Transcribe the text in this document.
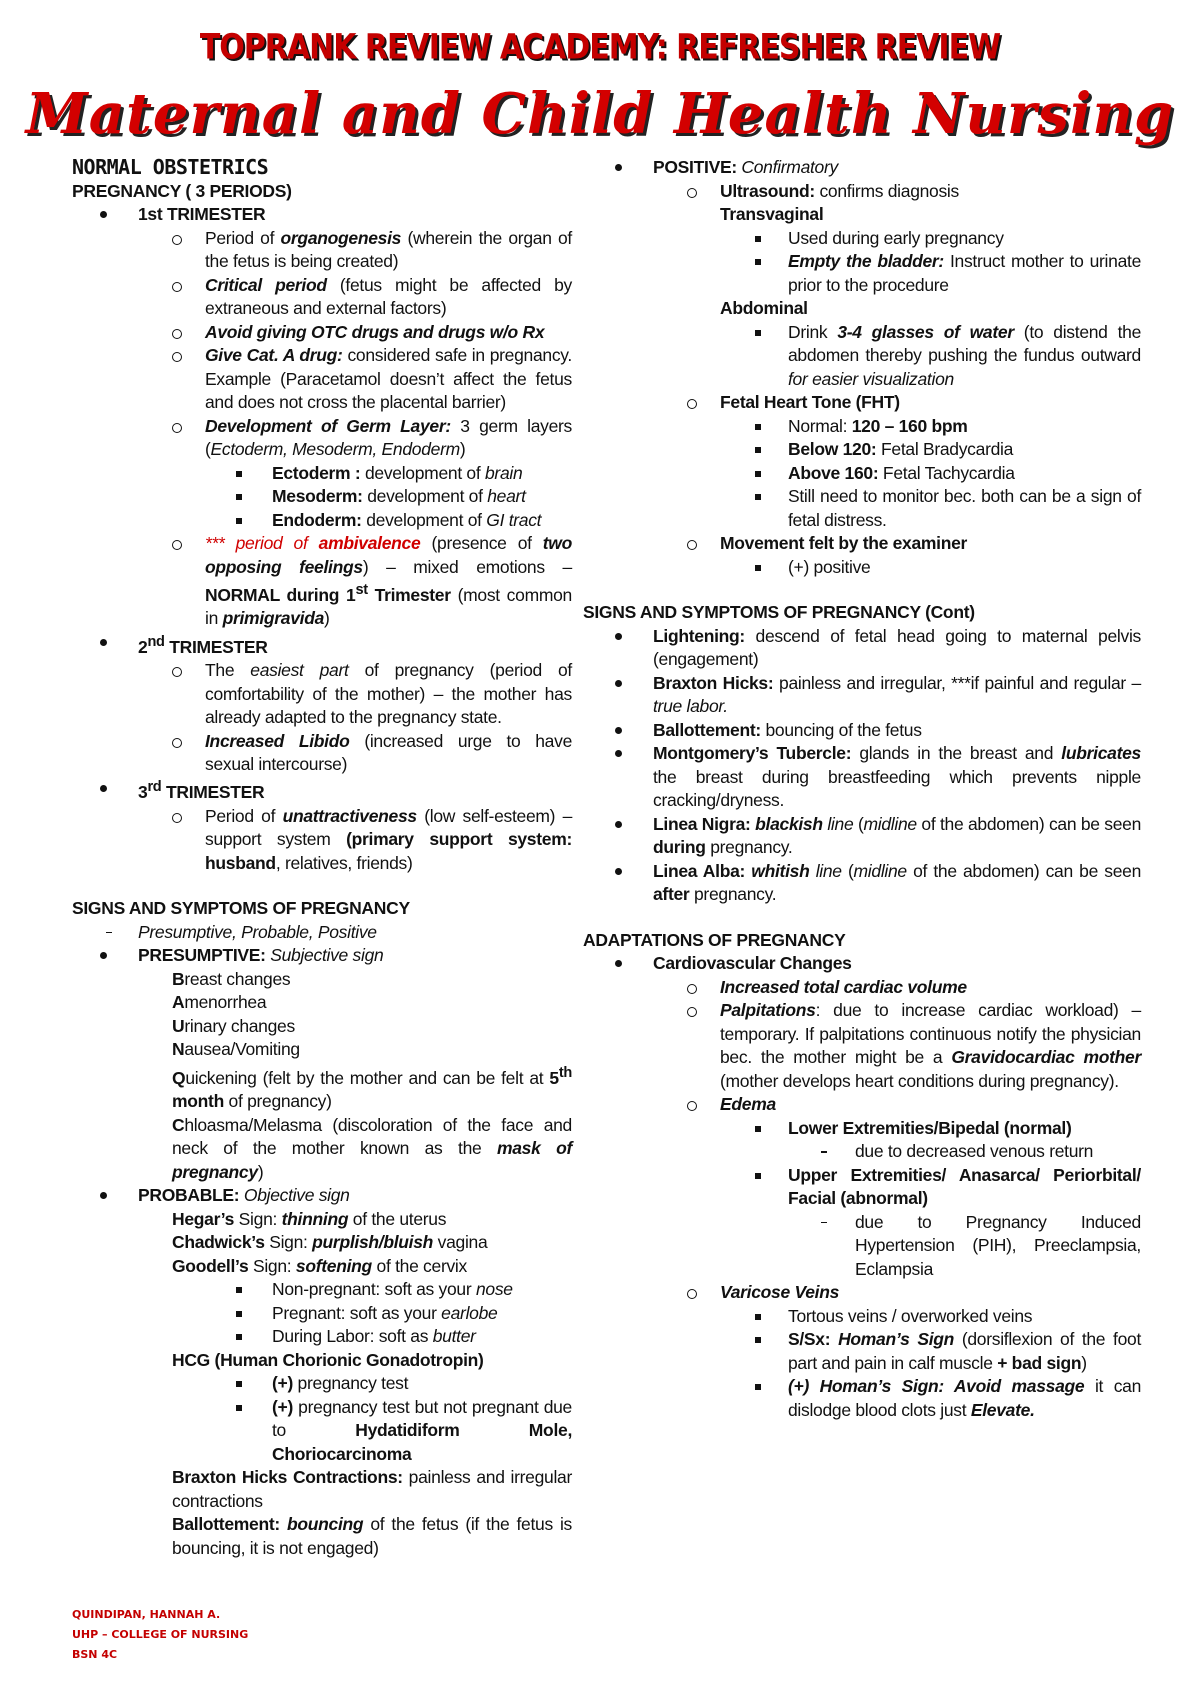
TOPRANK REVIEW ACADEMY: REFRESHER REVIEW
Maternal and Child Health Nursing
NORMAL OBSTETRICS
PREGNANCY ( 3 PERIODS)
1st TRIMESTER
Period of organogenesis (wherein the organ of the fetus is being created)
Critical period (fetus might be affected by extraneous and external factors)
Avoid giving OTC drugs and drugs w/o Rx
Give Cat. A drug: considered safe in pregnancy. Example (Paracetamol doesn’t affect the fetus and does not cross the placental barrier)
Development of Germ Layer: 3 germ layers (Ectoderm, Mesoderm, Endoderm)
Ectoderm : development of brain
Mesoderm: development of heart
Endoderm: development of GI tract
*** period of ambivalence (presence of two opposing feelings) – mixed emotions – NORMAL during 1st Trimester (most common in primigravida)
2nd TRIMESTER
The easiest part of pregnancy (period of comfortability of the mother) – the mother has already adapted to the pregnancy state.
Increased Libido (increased urge to have sexual intercourse)
3rd TRIMESTER
Period of unattractiveness (low self-esteem) – support system (primary support system: husband, relatives, friends)
SIGNS AND SYMPTOMS OF PREGNANCY
Presumptive, Probable, Positive
PRESUMPTIVE: Subjective sign
Breast changes
Amenorrhea
Urinary changes
Nausea/Vomiting
Quickening (felt by the mother and can be felt at 5th month of pregnancy)
Chloasma/Melasma (discoloration of the face and neck of the mother known as the mask of pregnancy)
PROBABLE: Objective sign
Hegar’s Sign: thinning of the uterus
Chadwick’s Sign: purplish/bluish vagina
Goodell’s Sign: softening of the cervix
Non-pregnant: soft as your nose
Pregnant: soft as your earlobe
During Labor: soft as butter
HCG (Human Chorionic Gonadotropin)
(+) pregnancy test
(+) pregnancy test but not pregnant due to Hydatidiform Mole, Choriocarcinoma
Braxton Hicks Contractions: painless and irregular contractions
Ballottement: bouncing of the fetus (if the fetus is bouncing, it is not engaged)
POSITIVE: Confirmatory
Ultrasound: confirms diagnosis
Transvaginal
Used during early pregnancy
Empty the bladder: Instruct mother to urinate prior to the procedure
Abdominal
Drink 3-4 glasses of water (to distend the abdomen thereby pushing the fundus outward for easier visualization
Fetal Heart Tone (FHT)
Normal: 120 – 160 bpm
Below 120: Fetal Bradycardia
Above 160: Fetal Tachycardia
Still need to monitor bec. both can be a sign of fetal distress.
Movement felt by the examiner
(+) positive
SIGNS AND SYMPTOMS OF PREGNANCY (Cont)
Lightening: descend of fetal head going to maternal pelvis (engagement)
Braxton Hicks: painless and irregular, ***if painful and regular – true labor.
Ballottement: bouncing of the fetus
Montgomery’s Tubercle: glands in the breast and lubricates the breast during breastfeeding which prevents nipple cracking/dryness.
Linea Nigra: blackish line (midline of the abdomen) can be seen during pregnancy.
Linea Alba: whitish line (midline of the abdomen) can be seen after pregnancy.
ADAPTATIONS OF PREGNANCY
Cardiovascular Changes
Increased total cardiac volume
Palpitations: due to increase cardiac workload) – temporary. If palpitations continuous notify the physician bec. the mother might be a Gravidocardiac mother (mother develops heart conditions during pregnancy).
Edema
Lower Extremities/Bipedal (normal)
due to decreased venous return
Upper Extremities/ Anasarca/ Periorbital/ Facial (abnormal)
due to Pregnancy Induced Hypertension (PIH), Preeclampsia, Eclampsia
Varicose Veins
Tortous veins / overworked veins
S/Sx: Homan’s Sign (dorsiflexion of the foot part and pain in calf muscle + bad sign)
(+) Homan’s Sign: Avoid massage it can dislodge blood clots just Elevate.
QUINDIPAN, HANNAH A.
UHP – COLLEGE OF NURSING
BSN 4C
